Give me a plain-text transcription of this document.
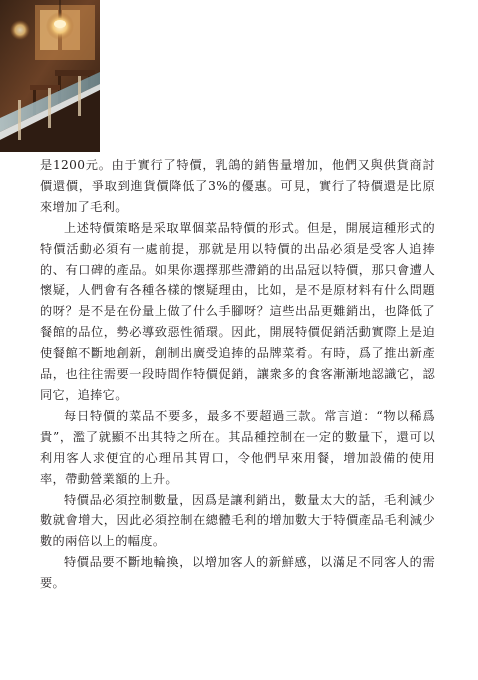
是1200元。由于實行了特價，乳鴿的銷售量增加，他們又與供貨商討價還價，爭取到進貨價降低了3%的優惠。可見，實行了特價還是比原來增加了毛利。

上述特價策略是采取單個菜品特價的形式。但是，開展這種形式的特價活動必須有一處前提，那就是用以特價的出品必須是受客人追捧的、有口碑的產品。如果你選擇那些滯銷的出品冠以特價，那只會遭人懷疑，人們會有各種各樣的懷疑理由，比如，是不是原材料有什么問題的呀？是不是在份量上做了什么手腳呀？這些出品更難銷出，也降低了餐館的品位，勢必導致惡性循環。因此，開展特價促銷活動實際上是迫使餐館不斷地創新，創制出廣受追捧的品牌菜肴。有時，爲了推出新產品，也往往需要一段時間作特價促銷，讓衆多的食客漸漸地認識它，認同它，追捧它。

每日特價的菜品不要多，最多不要超過三款。常言道：“物以稀爲貴”，濫了就顯不出其特之所在。其品種控制在一定的數量下，還可以利用客人求便宜的心理吊其胃口，令他們早來用餐，增加設備的使用率，帶動營業額的上升。

特價品必須控制數量，因爲是讓利銷出，數量太大的話，毛利減少數就會增大，因此必須控制在總體毛利的增加數大于特價產品毛利減少數的兩倍以上的幅度。

特價品要不斷地輪換，以增加客人的新鮮感，以滿足不同客人的需要。
